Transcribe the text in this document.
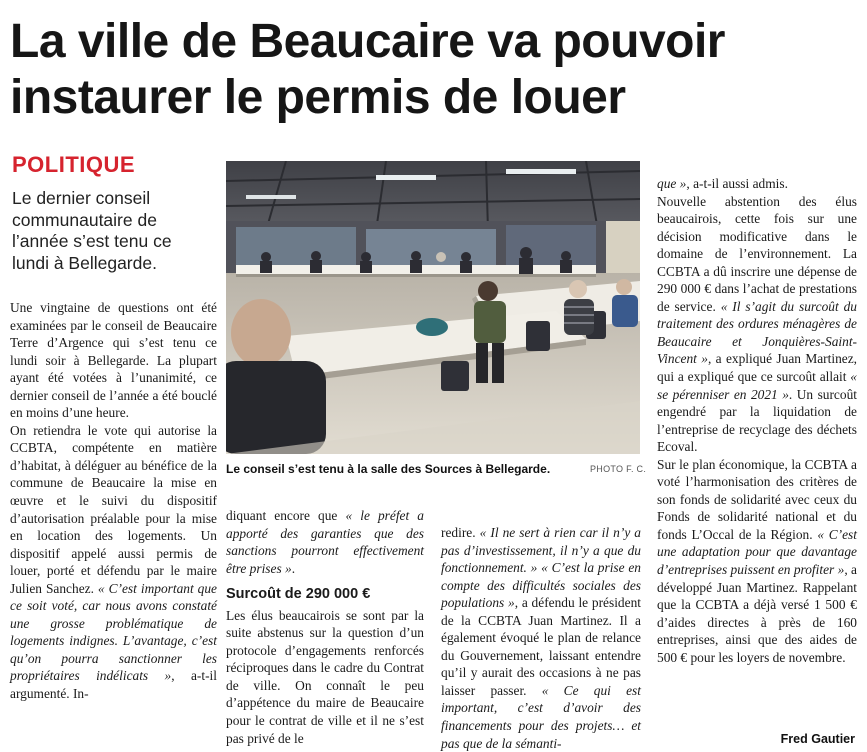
La ville de Beaucaire va pouvoir instaurer le permis de louer
POLITIQUE
Le dernier conseil communautaire de l’année s’est tenu ce lundi à Bellegarde.
Le conseil s’est tenu à la salle des Sources à Bellegarde.	PHOTO F. C.

Une vingtaine de questions ont été examinées par le conseil de Beaucaire Terre d’Argence qui s’est tenu ce lundi soir à Bellegarde. La plupart ayant été votées à l’unanimité, ce dernier conseil de l’année a été bouclé en moins d’une heure.

On retiendra le vote qui autorise la CCBTA, compétente en matière d’habitat, à déléguer au bénéfice de la commune de Beaucaire la mise en œuvre et le suivi du dispositif d’autorisation préalable pour la mise en location des logements. Un dispositif appelé aussi permis de louer, porté et défendu par le maire Julien Sanchez. « C’est important que ce soit voté, car nous avons constaté une grosse problématique de logements indignes. L’avantage, c’est qu’on pourra sanctionner les propriétaires indélicats », a-t-il argumenté. In-

diquant encore que « le préfet a apporté des garanties que des sanctions pourront effectivement être prises ».

Surcoût de 290 000 €

Les élus beaucairois se sont par la suite abstenus sur la question d’un protocole d’engagements renforcés réciproques dans le cadre du Contrat de ville. On connaît le peu d’appétence du maire de Beaucaire pour le contrat de ville et il ne s’est pas privé de le

redire. « Il ne sert à rien car il n’y a pas d’investissement, il n’y a que du fonctionnement. » « C’est la prise en compte des difficultés sociales des populations », a défendu le président de la CCBTA Juan Martinez. Il a également évoqué le plan de relance du Gouvernement, laissant entendre qu’il y aurait des occasions à ne pas laisser passer. « Ce qui est important, c’est d’avoir des financements pour des projets… et pas que de la sémanti-

que », a-t-il aussi admis.

Nouvelle abstention des élus beaucairois, cette fois sur une décision modificative dans le domaine de l’environnement. La CCBTA a dû inscrire une dépense de 290 000 € dans l’achat de prestations de service. « Il s’agit du surcoût du traitement des ordures ménagères de Beaucaire et Jonquières-Saint-Vincent », a expliqué Juan Martinez, qui a expliqué que ce surcoût allait « se pérenniser en 2021 ». Un surcoût engendré par la liquidation de l’entreprise de recyclage des déchets Ecoval.

Sur le plan économique, la CCBTA a voté l’harmonisation des critères de son fonds de solidarité avec ceux du Fonds de solidarité national et du fonds L’Occal de la Région. « C’est une adaptation pour que davantage d’entreprises puissent en profiter », a développé Juan Martinez. Rappelant que la CCBTA a déjà versé 1 500 € d’aides directes à près de 160 entreprises, ainsi que des aides de 500 € pour les loyers de novembre.

Fred Gautier
